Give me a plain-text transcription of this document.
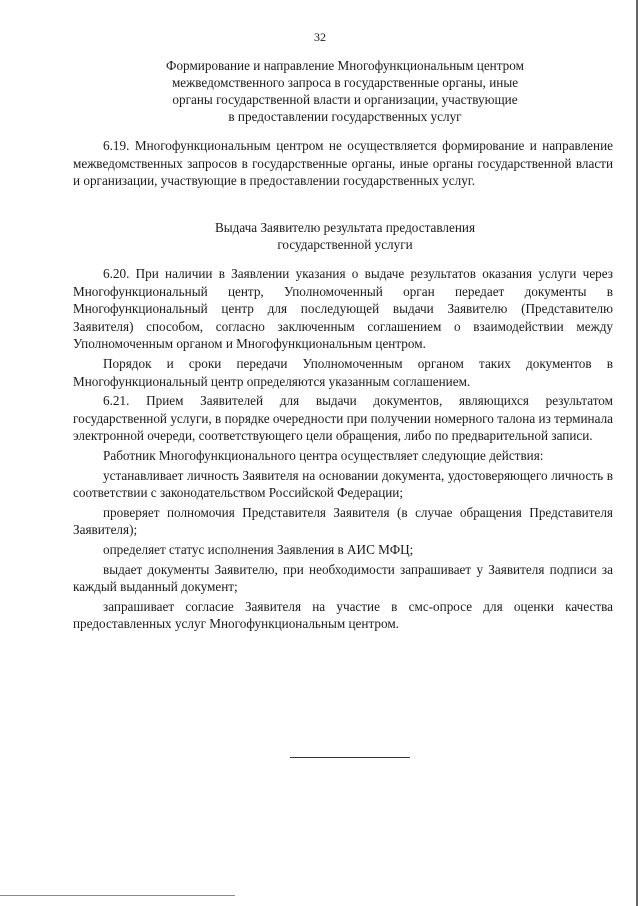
32
Формирование и направление Многофункциональным центром
межведомственного запроса в государственные органы, иные
органы государственной власти и организации, участвующие
в предоставлении государственных услуг

6.19. Многофункциональным центром не осуществляется формирование и направление межведомственных запросов в государственные органы, иные органы государственной власти и организации, участвующие в предоставлении государственных услуг.

Выдача Заявителю результата предоставления
государственной услуги

6.20. При наличии в Заявлении указания о выдаче результатов оказания услуги через Многофункциональный центр, Уполномоченный орган передает документы в Многофункциональный центр для последующей выдачи Заявителю (Представителю Заявителя) способом, согласно заключенным соглашением о взаимодействии между Уполномоченным органом и Многофункциональным центром.

Порядок и сроки передачи Уполномоченным органом таких документов в Многофункциональный центр определяются указанным соглашением.

6.21. Прием Заявителей для выдачи документов, являющихся результатом государственной услуги, в порядке очередности при получении номерного талона из терминала электронной очереди, соответствующего цели обращения, либо по предварительной записи.

Работник Многофункционального центра осуществляет следующие действия:

устанавливает личность Заявителя на основании документа, удостоверяющего личность в соответствии с законодательством Российской Федерации;

проверяет полномочия Представителя Заявителя (в случае обращения Представителя Заявителя);

определяет статус исполнения Заявления в АИС МФЦ;

выдает документы Заявителю, при необходимости запрашивает у Заявителя подписи за каждый выданный документ;

запрашивает согласие Заявителя на участие в смс-опросе для оценки качества предоставленных услуг Многофункциональным центром.
